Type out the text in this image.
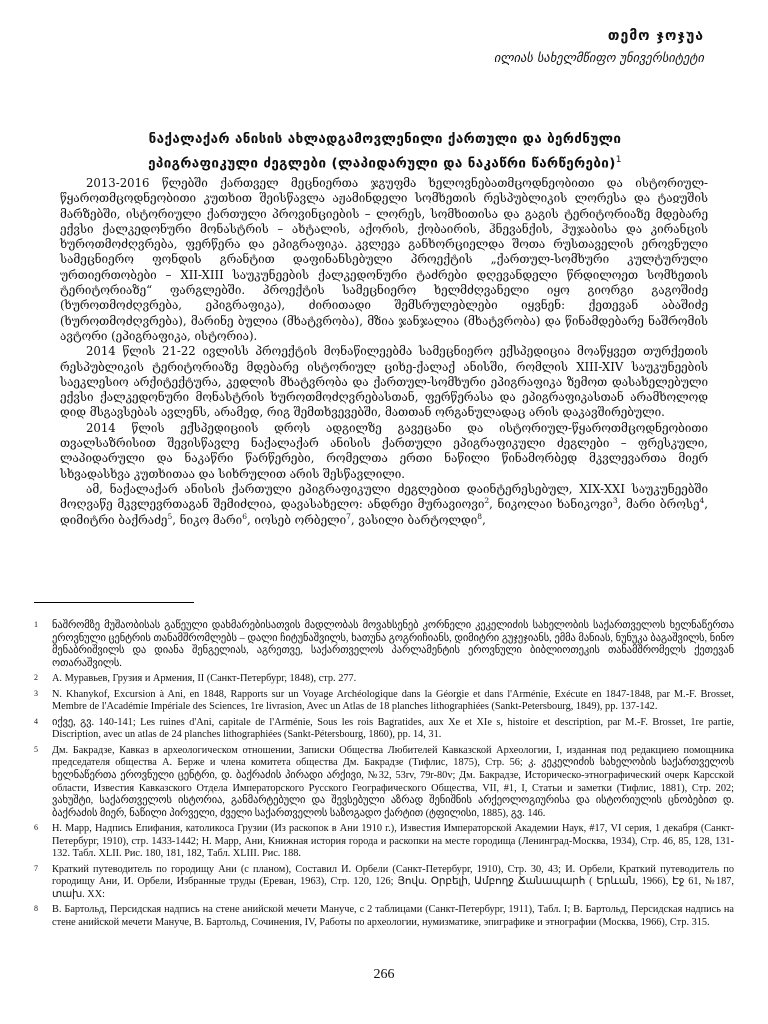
თემო ჯოჯუა
ილიას სახელმწიფო უნივერსიტეტი
ნაქალაქარ ანისის ახლადგამოვლენილი ქართული და ბერძნული
ეპიგრაფიკული ძეგლები (ლაპიდარული და ნაკაწრი წარწერები)$^1$

2013-2016 წლებში ქართველ მეცნიერთა ჯგუფმა ხელოვნებათმცოდნეობითი და ისტორიულ-წყაროთმცოდნეობითი კუთხით შეისწავლა აჟამინდელი სომხეთის რესპუბლიკის ლორესა და ტაჲუშის მარზებში, ისტორიული ქართული პროვინციების – ლორეს, სომხითისა და გაგის ტერიტორიაზე მდებარე ექვსი ქალკედონური მონასტრის – ახტალის, აქორის, ქობაირის, ჰნევანქის, ჰუჯაბისა და კირანცის ხუროთმოძღვრება, ფერწერა და ეპიგრაფიკა. კვლევა განხორციელდა შოთა რუსთაველის ეროვნული სამეცნიერო ფონდის გრანტით დაფინანსებული პროექტის „ქართულ-სომხური კულტურული ურთიერთობები – XII-XIII საუკუნეების ქალკედონური ტაძრები დღევანდელი წრდილოეთ სომხეთის ტერიტორიაზე“ ფარგლებში. პროექტის სამეცნიერო ხელმძღვანელი იყო გიორგი გაგოშიძე (ხუროთმოძღვრება, ეპიგრაფიკა), ძირითადი შემსრულებლები იყვნენ: ქეთევან აბაშიძე (ხუროთმოძღვრება), მარინე ბულია (მხატვრობა), მზია ჯანჯალია (მხატვრობა) და წინამდებარე ნაშრომის ავტორი (ეპიგრაფიკა, ისტორია).

2014 წლის 21-22 ივლისს პროექტის მონაწილეებმა სამეცნიერო ექსპედიცია მოაწყვეთ თურქეთის რესპუბლიკის ტერიტორიაზე მდებარე ისტორიულ ციხე-ქალაქ ანისში, რომლის XIII-XIV საუკუნეების საეკლესიო არქიტექტურა, კედლის მხატვრობა და ქართულ-სომხური ეპიგრაფიკა ზემოთ დასახელებული ექვსი ქალკედონური მონასტრის ხუროთმოძღვრებასთან, ფერწერასა და ეპიგრაფიკასთან არამხოლოდ დიდ მსგავსებას ავლენს, არამედ, რიგ შემთხვევებში, მათთან ორგანულადაც არის დაკავშირებული.

2014 წლის ექსპედიციის დროს ადგილზე გავეცანი და ისტორიულ-წყაროთმცოდნეობითი თვალსაზრისით შევისწავლე ნაქალაქარ ანისის ქართული ეპიგრაფიკული ძეგლები – ფრესკული, ლაპიდარული და ნაკაწრი წარწერები, რომელთა ერთი ნაწილი წინამორბედ მკვლევართა მიერ სხვადასხვა კუთხითაა და სიხრულით არის შესწავლილი.

ამ, ნაქალაქარ ანისის ქართული ეპიგრაფიკული ძეგლებით დაინტერესებულ, XIX-XXI საუკუნეებში მოღვაწე მკვლევრთაგან შემიძლია, დავასახელო: ანდრეი მურავიოვი$^2$, ნიკოლაი ხანიკოვი$^3$, მარი ბროსე$^4$, დიმიტრი ბაქრაძე$^5$, ნიკო მარი$^6$, იოსებ ორბელი$^7$, ვასილი ბარტოლდი$^8$,

1 ნაშრომზე მუშაობისას გაწეული დახმარებისათვის მადლობას მოვახსენებ კორნელი კეკელიძის სახელობის საქართველოს ხელნაწერთა ეროვნული ცენტრის თანამშრომლებს – დალი ჩიტუნაშვილს, ხათუნა გოგრიჩიანს, დიმიტრი გუჯეჯიანს, ემმა მანიას, ნუნუკა ბაგაშვილს, ნინო მენაბრიშვილს და დიანა შენგელიას, აგრეთვე, საქართველოს პარლამენტის ეროვნული ბიბლიოთეკის თანამშრომელს ქეთევან ოთარაშვილს.
2 А. Муравьев, Грузия и Армения, II (Санкт-Петербург, 1848), стр. 277.
3 N. Khanykof, Excursion à Ani, en 1848, Rapports sur un Voyage Archéologique dans la Géorgie et dans l'Arménie, Exécute en 1847-1848, par M.-F. Brosset, Membre de l'Académie Impériale des Sciences, 1re livrasion, Avec un Atlas de 18 planches lithographiées (Sankt-Petersbourg, 1849), pp. 137-142.
4 იქვე, გვ. 140-141; Les ruines d'Ani, capitale de l'Arménie, Sous les rois Bagratides, aux Xe et XIe s, histoire et description, par M.-F. Brosset, 1re partie, Discription, avec un atlas de 24 planches lithographiées (Sankt-Pétersbourg, 1860), pp. 14, 31.
5 Дм. Бакрадзе, Кавказ в археологическом отношении, Записки Общества Любителей Кавказской Археологии, I, изданная под редакциею помощника председателя общества А. Берже и члена комитета общества Дм. Бакрадзе (Тифлис, 1875), Стр. 56; კ. კეკელიძის სახელობის საქართველოს ხელნაწერთა ეროვნული ცენტრი, დ. ბაქრაძის პირადი არქივი, №32, 53rv, 79r-80v; Дм. Бакрадзе, Историческо-этнографический очерк Карсской области, Известия Кавказского Отдела Императорского Русского Географического Общества, VII, #1, I, Статьи и заметки (Тифлис, 1881), Стр. 202; ვახუშტი, საქართველოს ისტორია, განმარტებული და შევსებული აზრად შენიშნის არქეოლოგიურისა და ისტორიულის ცნობებით დ. ბაქრაძის მიერ, ნაწილი პირველი, ძველი საქართველოს საზოგადო ქარტით (ტფილისი, 1885), გვ. 146.
6 Н. Марр, Надпись Епифания, католикоса Грузии (Из раскопок в Ани 1910 г.), Известия Императорской Академии Наук, #17, VI серия, 1 декабря (Санкт-Петербург, 1910), стр. 1433-1442; Н. Марр, Ани, Книжная история города и раскопки на месте городища (Ленинград-Москва, 1934), Стр. 46, 85, 128, 131-132. Табл. XLII. Рис. 180, 181, 182, Табл. XLIII. Рис. 188.
7 Краткий путеводитель по городищу Ани (с планом), Составил И. Орбели (Санкт-Петербург, 1910), Стр. 30, 43; И. Орбели, Краткий путеводитель по городищу Ани, И. Орбели, Избранные труды (Ереван, 1963), Стр. 120, 126; Յովս. Օրբելի, Ամբողջ Ճանապարհ ( Երևան, 1966), Էջ 61, №187, տախ. XX:
8 В. Бартольд, Персидская надпись на стене анийской мечети Мануче, с 2 таблицами (Санкт-Петербург, 1911), Табл. I; В. Бартольд, Персидская надпись на стене анийской мечети Мануче, В. Бартольд, Сочинения, IV, Работы по археологии, нумизматике, эпиграфике и этнографии (Москва, 1966), Стр. 315.
266
